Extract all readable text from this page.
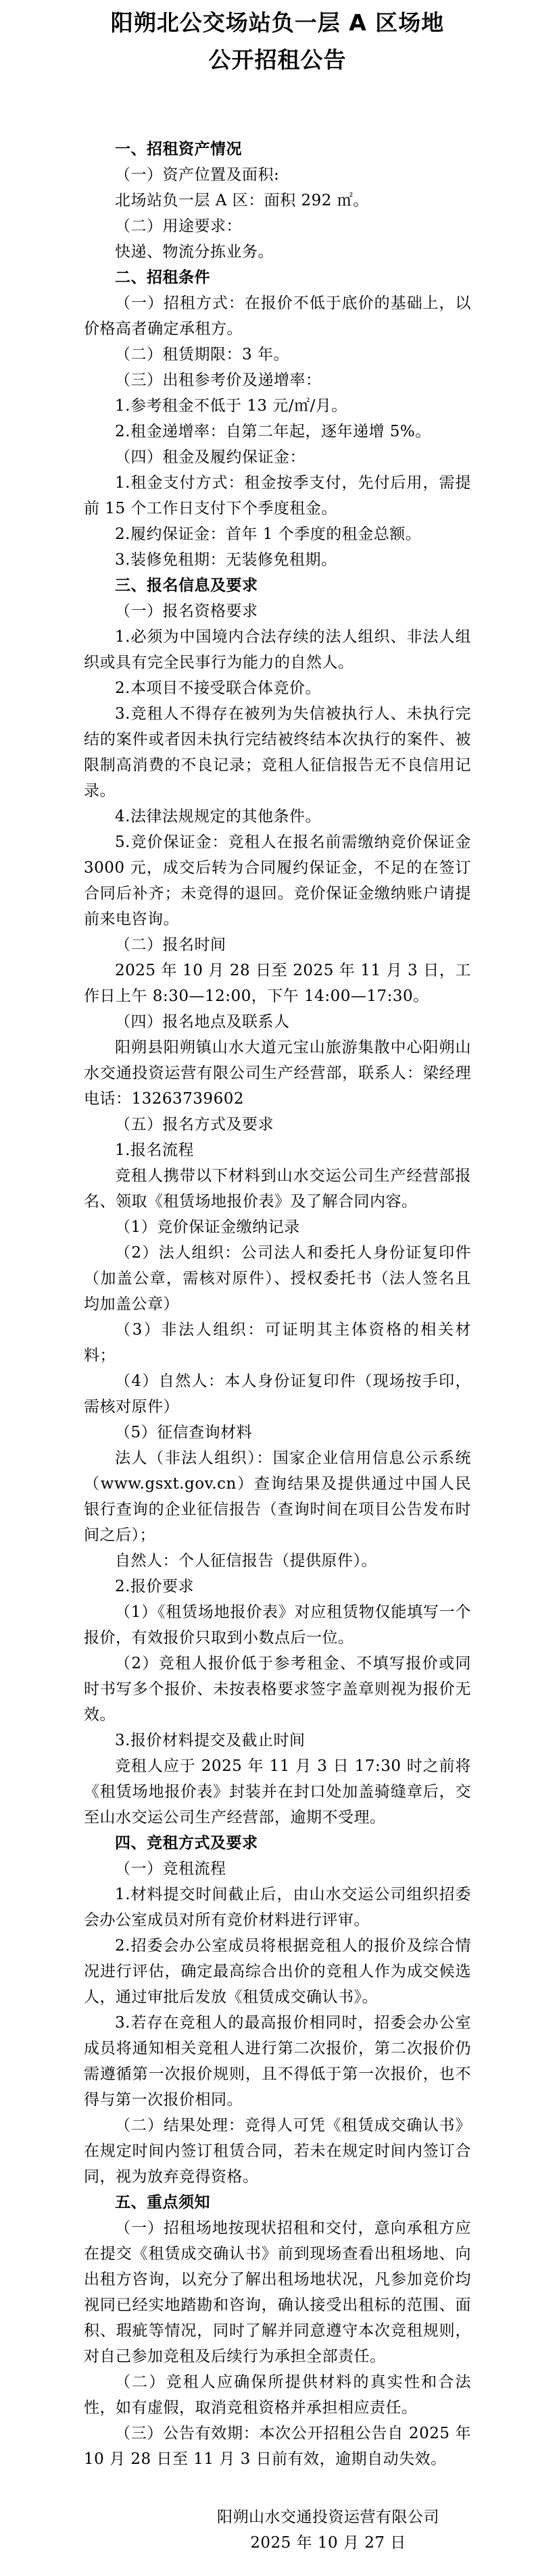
阳朔北公交场站负一层 A 区场地
公开招租公告

一、招租资产情况

（一）资产位置及面积:

北场站负一层 A 区：面积 292 ㎡。

（二）用途要求：

快递、物流分拣业务。

二、招租条件

（一）招租方式：在报价不低于底价的基础上，以价格高者确定承租方。

（二）租赁期限：3 年。

（三）出租参考价及递增率：

1.参考租金不低于 13 元/㎡/月。

2.租金递增率：自第二年起，逐年递增 5%。

（四）租金及履约保证金：

1.租金支付方式：租金按季支付，先付后用，需提前 15 个工作日支付下个季度租金。

2.履约保证金：首年 1 个季度的租金总额。

3.装修免租期：无装修免租期。

三、报名信息及要求

（一）报名资格要求

1.必须为中国境内合法存续的法人组织、非法人组织或具有完全民事行为能力的自然人。

2.本项目不接受联合体竞价。

3.竞租人不得存在被列为失信被执行人、未执行完结的案件或者因未执行完结被终结本次执行的案件、被限制高消费的不良记录；竞租人征信报告无不良信用记录。

4.法律法规规定的其他条件。

5.竞价保证金：竞租人在报名前需缴纳竞价保证金 3000 元，成交后转为合同履约保证金，不足的在签订合同后补齐；未竞得的退回。竞价保证金缴纳账户请提前来电咨询。

（二）报名时间

2025 年 10 月 28 日至 2025 年 11 月 3 日，工作日上午 8:30—12:00，下午 14:00—17:30。

（四）报名地点及联系人

阳朔县阳朔镇山水大道元宝山旅游集散中心阳朔山水交通投资运营有限公司生产经营部，联系人：梁经理 电话：13263739602

（五）报名方式及要求

1.报名流程

竞租人携带以下材料到山水交运公司生产经营部报名、领取《租赁场地报价表》及了解合同内容。

（1）竞价保证金缴纳记录

（2）法人组织：公司法人和委托人身份证复印件（加盖公章，需核对原件）、授权委托书（法人签名且均加盖公章）

（3）非法人组织：可证明其主体资格的相关材料；

（4）自然人：本人身份证复印件（现场按手印，需核对原件）

（5）征信查询材料

法人（非法人组织）：国家企业信用信息公示系统（www.gsxt.gov.cn）查询结果及提供通过中国人民银行查询的企业征信报告（查询时间在项目公告发布时间之后）；

自然人：个人征信报告（提供原件）。

2.报价要求

（1）《租赁场地报价表》对应租赁物仅能填写一个报价，有效报价只取到小数点后一位。

（2）竞租人报价低于参考租金、不填写报价或同时书写多个报价、未按表格要求签字盖章则视为报价无效。

3.报价材料提交及截止时间

竞租人应于 2025 年 11 月 3 日 17:30 时之前将《租赁场地报价表》封装并在封口处加盖骑缝章后，交至山水交运公司生产经营部，逾期不受理。

四、竞租方式及要求

（一）竞租流程

1.材料提交时间截止后，由山水交运公司组织招委会办公室成员对所有竞价材料进行评审。

2.招委会办公室成员将根据竞租人的报价及综合情况进行评估，确定最高综合出价的竞租人作为成交候选人，通过审批后发放《租赁成交确认书》。

3.若存在竞租人的最高报价相同时，招委会办公室成员将通知相关竞租人进行第二次报价，第二次报价仍需遵循第一次报价规则，且不得低于第一次报价，也不得与第一次报价相同。

（二）结果处理：竞得人可凭《租赁成交确认书》在规定时间内签订租赁合同，若未在规定时间内签订合同，视为放弃竞得资格。

五、重点须知

（一）招租场地按现状招租和交付，意向承租方应在提交《租赁成交确认书》前到现场查看出租场地、向出租方咨询，以充分了解出租场地状况，凡参加竞价均视同已经实地踏勘和咨询，确认接受出租标的范围、面积、瑕疵等情况，同时了解并同意遵守本次竞租规则，对自己参加竞租及后续行为承担全部责任。

（二）竞租人应确保所提供材料的真实性和合法性，如有虚假，取消竞租资格并承担相应责任。

（三）公告有效期：本次公开招租公告自 2025 年 10 月 28 日至 11 月 3 日前有效，逾期自动失效。

阳朔山水交通投资运营有限公司

2025 年 10 月 27 日
